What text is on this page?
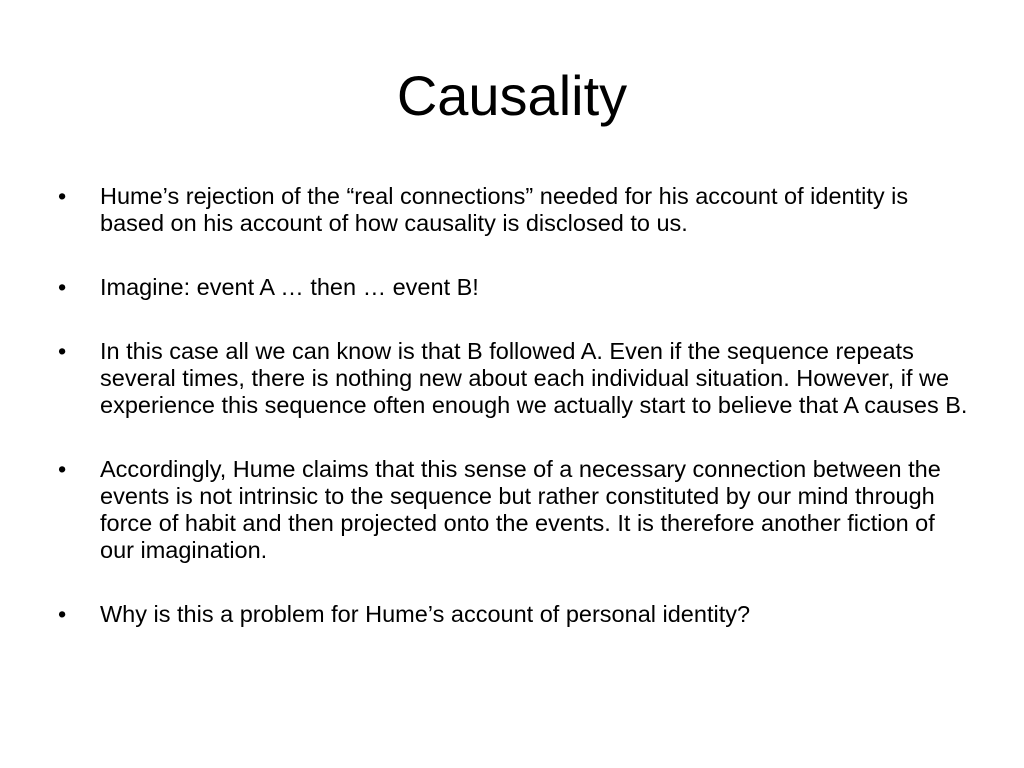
Causality
•	Hume’s rejection of the “real connections” needed for his account of identity is based on his account of how causality is disclosed to us.
•	Imagine: event A … then … event B!
•	In this case all we can know is that B followed A. Even if the sequence repeats several times, there is nothing new about each individual situation. However, if we experience this sequence often enough we actually start to believe that A causes B.
•	Accordingly, Hume claims that this sense of a necessary connection between the events is not intrinsic to the sequence but rather constituted by our mind through force of habit and then projected onto the events. It is therefore another fiction of our imagination.
•	Why is this a problem for Hume’s account of personal identity?
